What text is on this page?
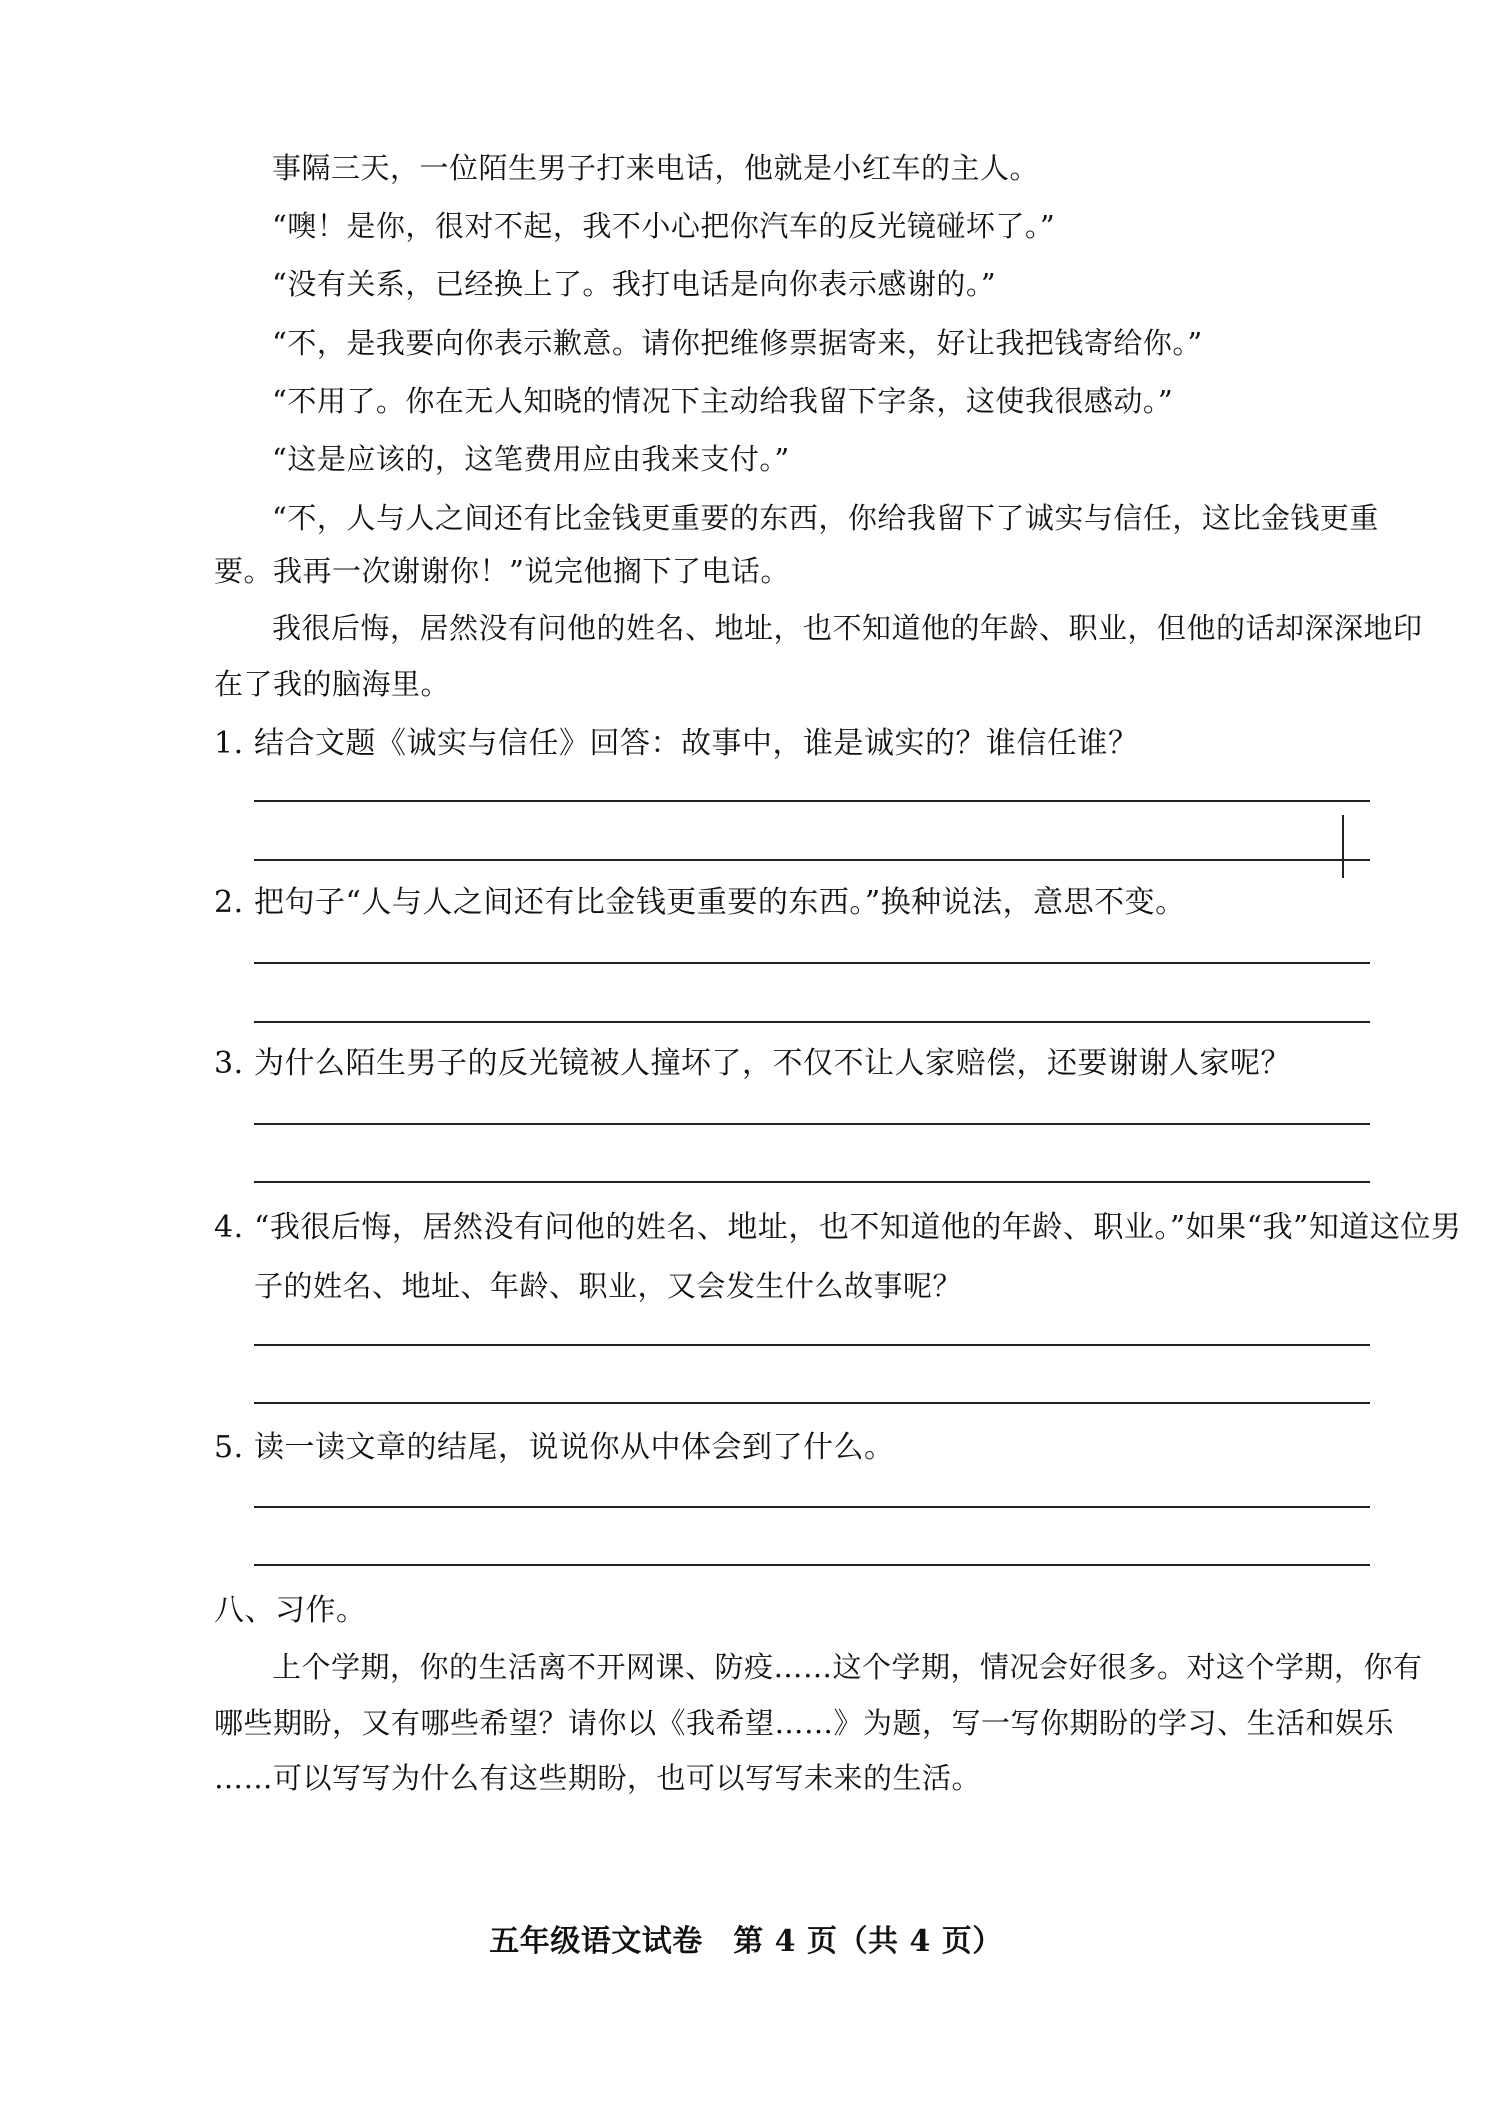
事隔三天，一位陌生男子打来电话，他就是小红车的主人。
“噢！是你，很对不起，我不小心把你汽车的反光镜碰坏了。”
“没有关系，已经换上了。我打电话是向你表示感谢的。”
“不，是我要向你表示歉意。请你把维修票据寄来，好让我把钱寄给你。”
“不用了。你在无人知晓的情况下主动给我留下字条，这使我很感动。”
“这是应该的，这笔费用应由我来支付。”
“不，人与人之间还有比金钱更重要的东西，你给我留下了诚实与信任，这比金钱更重
要。我再一次谢谢你！”说完他搁下了电话。
我很后悔，居然没有问他的姓名、地址，也不知道他的年龄、职业，但他的话却深深地印
在了我的脑海里。
1. 结合文题《诚实与信任》回答：故事中，谁是诚实的？谁信任谁？
2. 把句子“人与人之间还有比金钱更重要的东西。”换种说法，意思不变。
3. 为什么陌生男子的反光镜被人撞坏了，不仅不让人家赔偿，还要谢谢人家呢？
4. “我很后悔，居然没有问他的姓名、地址，也不知道他的年龄、职业。”如果“我”知道这位男
子的姓名、地址、年龄、职业，又会发生什么故事呢？
5. 读一读文章的结尾，说说你从中体会到了什么。
八、习作。
上个学期，你的生活离不开网课、防疫……这个学期，情况会好很多。对这个学期，你有
哪些期盼，又有哪些希望？请你以《我希望……》为题，写一写你期盼的学习、生活和娱乐
……可以写写为什么有这些期盼，也可以写写未来的生活。
五年级语文试卷　第 4 页（共 4 页）
